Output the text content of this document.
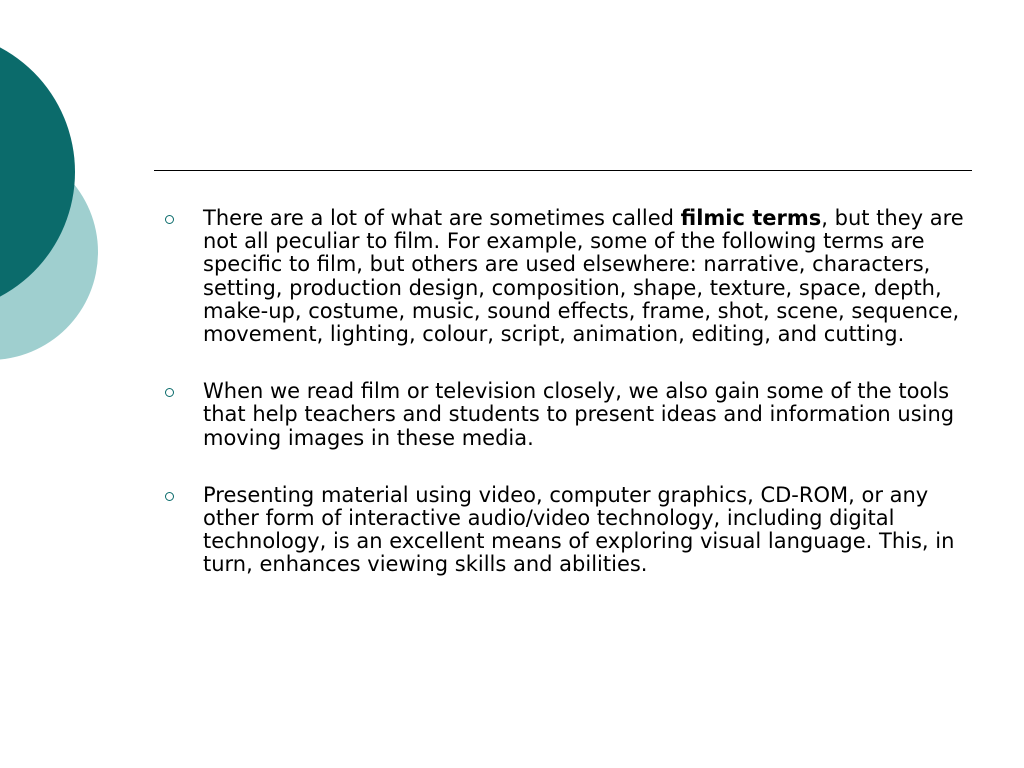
There are a lot of what are sometimes called filmic terms, but they are not all peculiar to film. For example, some of the following terms are specific to film, but others are used elsewhere: narrative, characters, setting, production design, composition, shape, texture, space, depth, make-up, costume, music, sound effects, frame, shot, scene, sequence, movement, lighting, colour, script, animation, editing, and cutting.
When we read film or television closely, we also gain some of the tools that help teachers and students to present ideas and information using moving images in these media.
Presenting material using video, computer graphics, CD-ROM, or any other form of interactive audio/video technology, including digital technology, is an excellent means of exploring visual language. This, in turn, enhances viewing skills and abilities.
